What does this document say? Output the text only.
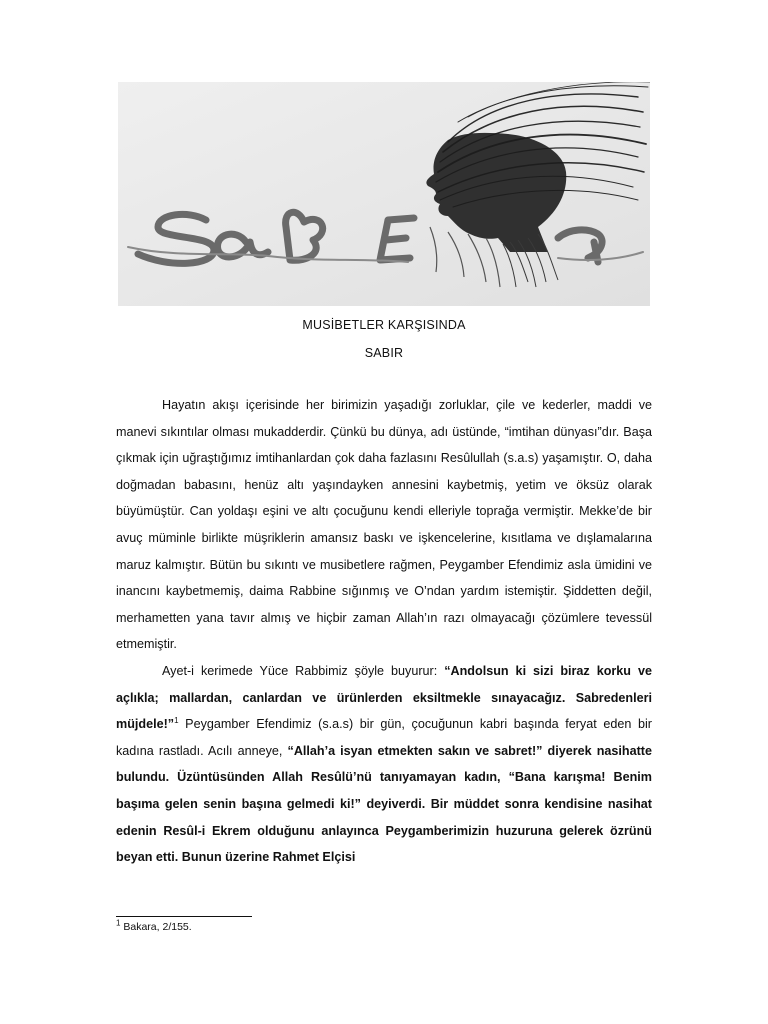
MUSİBETLER KARŞISINDA
SABIR

Hayatın akışı içerisinde her birimizin yaşadığı zorluklar, çile ve kederler, maddi ve manevi sıkıntılar olması mukadderdir. Çünkü bu dünya, adı üstünde, “imtihan dünyası”dır. Başa çıkmak için uğraştığımız imtihanlardan çok daha fazlasını Resûlullah (s.a.s) yaşamıştır. O, daha doğmadan babasını, henüz altı yaşındayken annesini kaybetmiş, yetim ve öksüz olarak büyümüştür. Can yoldaşı eşini ve altı çocuğunu kendi elleriyle toprağa vermiştir. Mekke’de bir avuç müminle birlikte müşriklerin amansız baskı ve işkencelerine, kısıtlama ve dışlamalarına maruz kalmıştır. Bütün bu sıkıntı ve musibetlere rağmen, Peygamber Efendimiz asla ümidini ve inancını kaybetmemiş, daima Rabbine sığınmış ve O’ndan yardım istemiştir. Şiddetten değil, merhametten yana tavır almış ve hiçbir zaman Allah’ın razı olmayacağı çözümlere tevessül etmemiştir.

Ayet-i kerimede Yüce Rabbimiz şöyle buyurur: “Andolsun ki sizi biraz korku ve açlıkla; mallardan, canlardan ve ürünlerden eksiltmekle sınayacağız. Sabredenleri müjdele!”$^1$ Peygamber Efendimiz (s.a.s) bir gün, çocuğunun kabri başında feryat eden bir kadına rastladı. Acılı anneye, “Allah’a isyan etmekten sakın ve sabret!” diyerek nasihatte bulundu. Üzüntüsünden Allah Resûlü’nü tanıyamayan kadın, “Bana karışma! Benim başıma gelen senin başına gelmedi ki!” deyiverdi. Bir müddet sonra kendisine nasihat edenin Resûl-i Ekrem olduğunu anlayınca Peygamberimizin huzuruna gelerek özrünü beyan etti. Bunun üzerine Rahmet Elçisi

$^1$ Bakara, 2/155.
